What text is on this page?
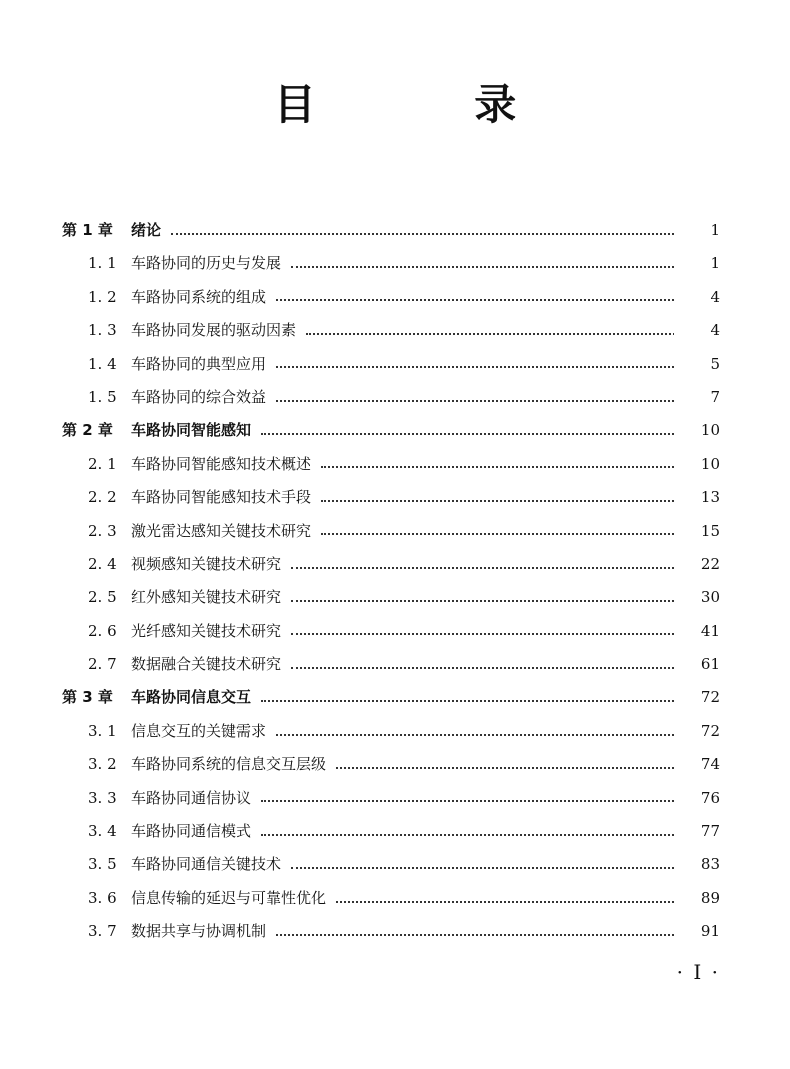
目 录
第 1 章 绪论	1
1. 1 车路协同的历史与发展	1
1. 2 车路协同系统的组成	4
1. 3 车路协同发展的驱动因素	4
1. 4 车路协同的典型应用	5
1. 5 车路协同的综合效益	7
第 2 章 车路协同智能感知	10
2. 1 车路协同智能感知技术概述	10
2. 2 车路协同智能感知技术手段	13
2. 3 激光雷达感知关键技术研究	15
2. 4 视频感知关键技术研究	22
2. 5 红外感知关键技术研究	30
2. 6 光纤感知关键技术研究	41
2. 7 数据融合关键技术研究	61
第 3 章 车路协同信息交互	72
3. 1 信息交互的关键需求	72
3. 2 车路协同系统的信息交互层级	74
3. 3 车路协同通信协议	76
3. 4 车路协同通信模式	77
3. 5 车路协同通信关键技术	83
3. 6 信息传输的延迟与可靠性优化	89
3. 7 数据共享与协调机制	91
· I ·
